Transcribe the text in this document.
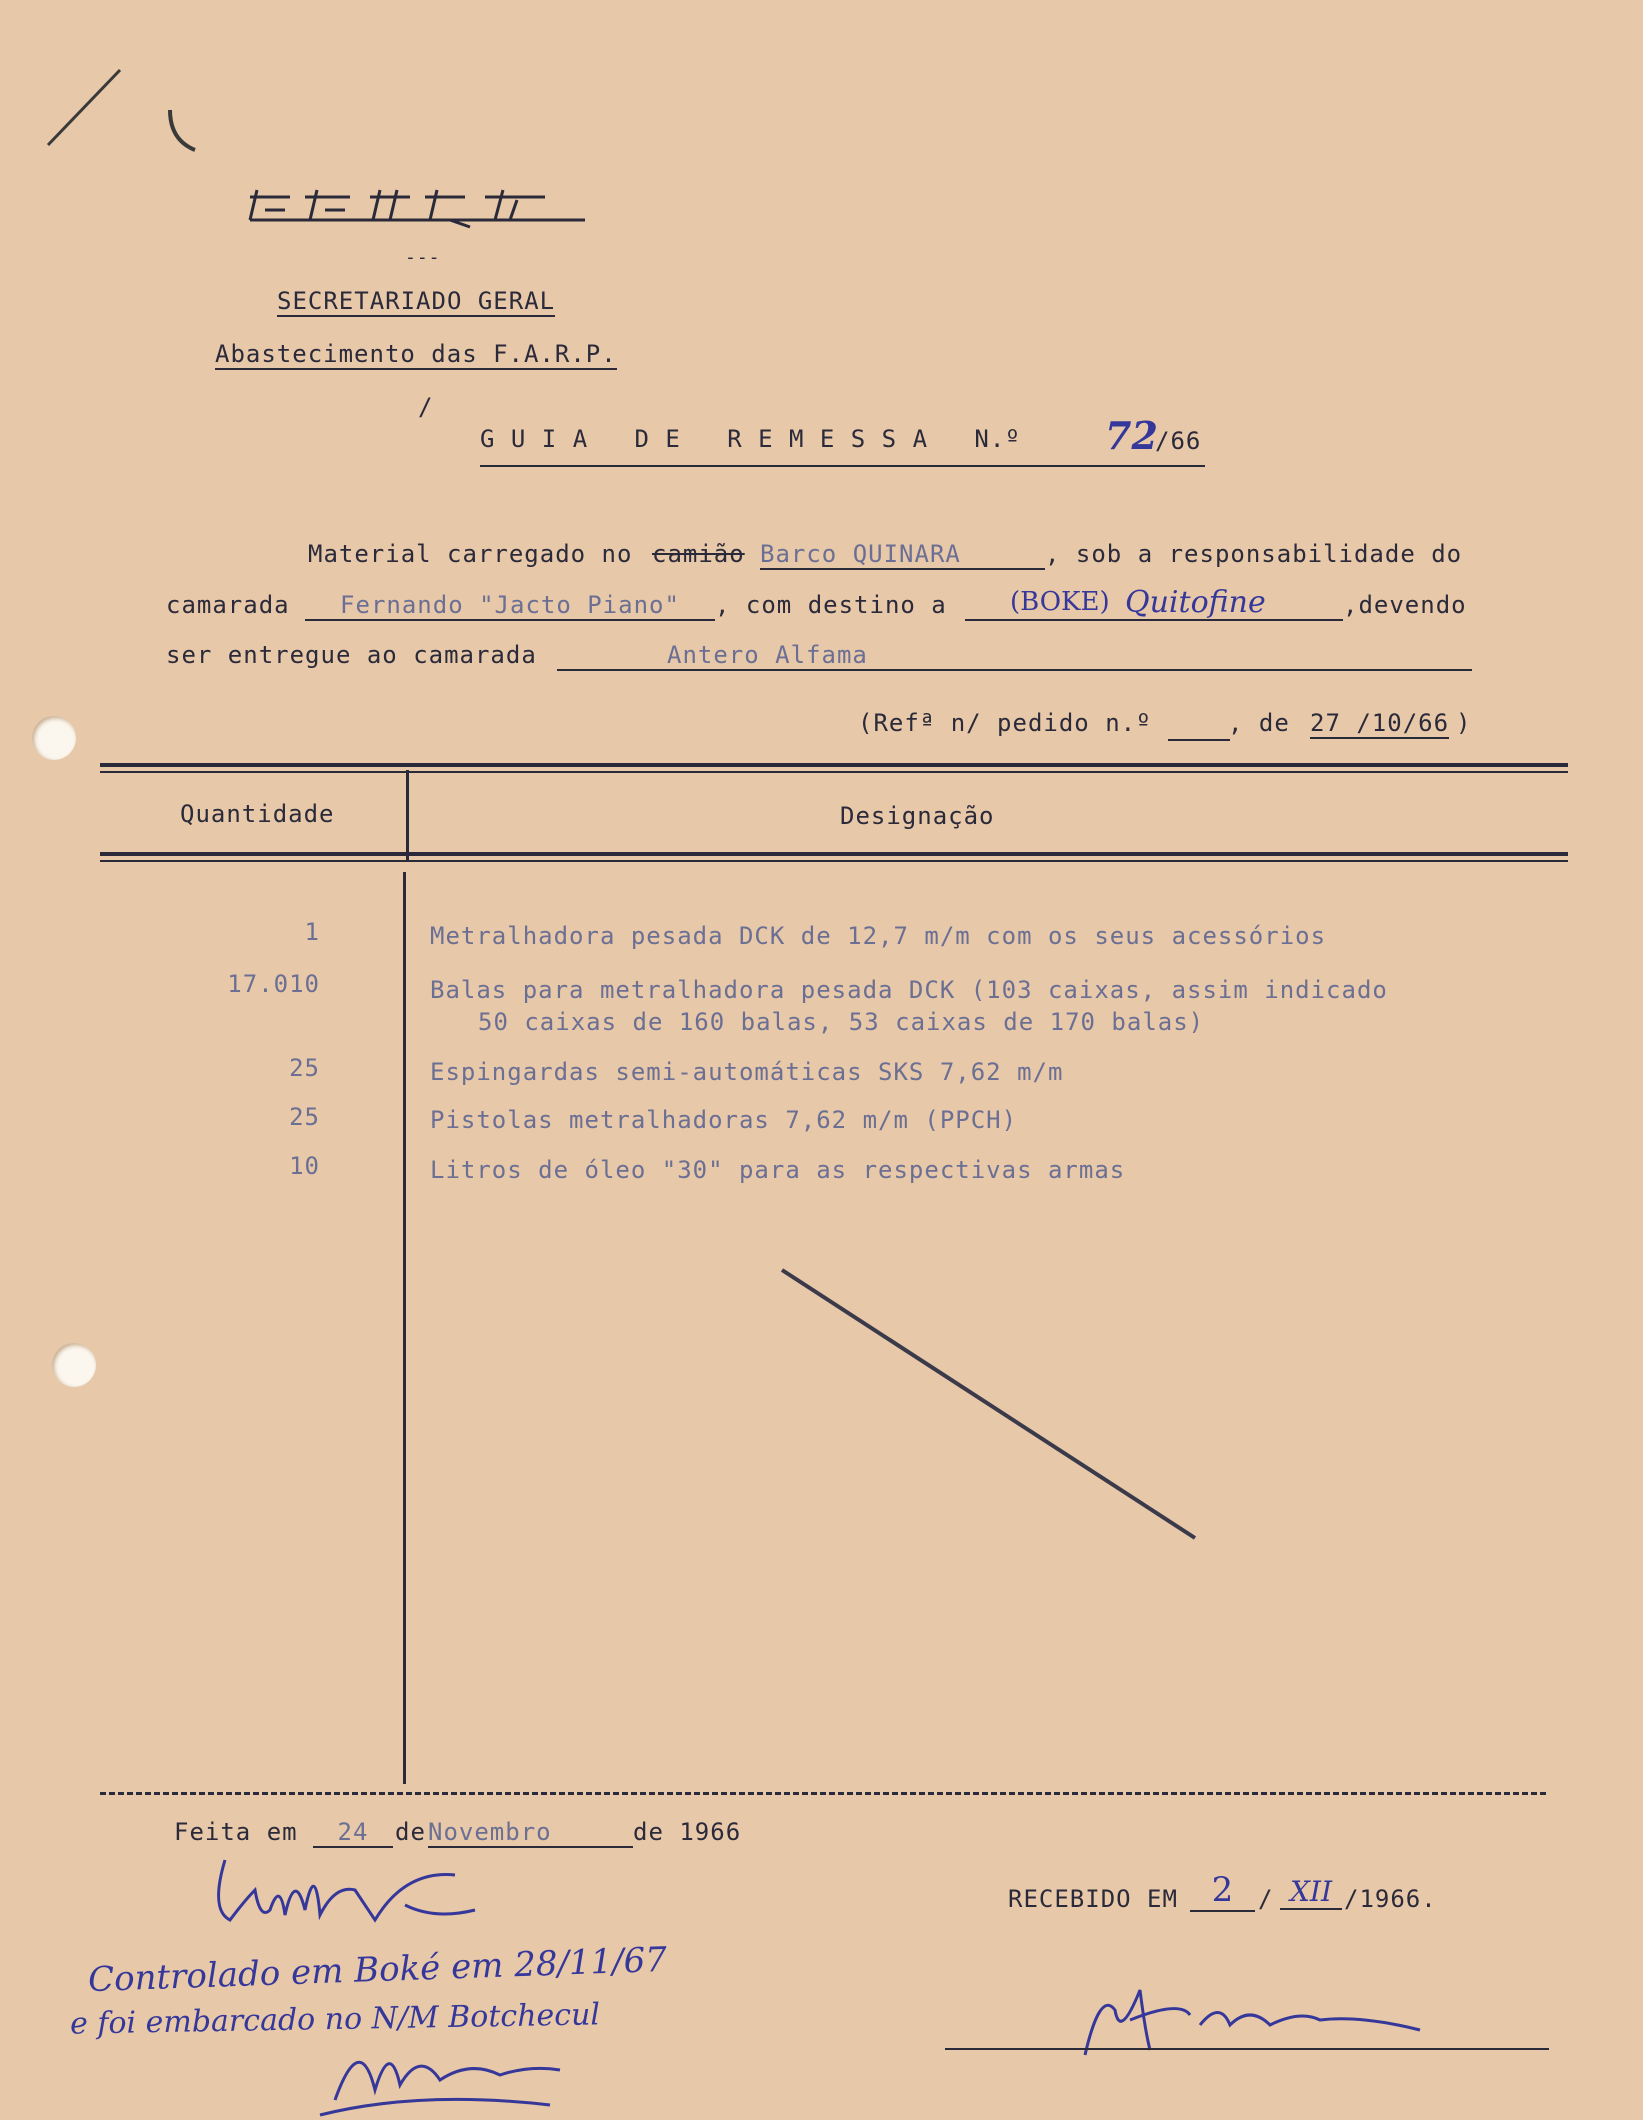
---
SECRETARIADO GERAL
Abastecimento das F.A.R.P.
/
G U I A   D E   R E M E S S A   N.º 72
/66
Material carregado no camião Barco QUINARA	, sob a responsabilidade do
camarada	Fernando "Jacto Piano"	, com destino a (BOKE) Quitofine	,devendo
ser entregue ao camarada	Antero Alfama
(Refª n/ pedido n.º	, de 27 /10/66 )
Quantidade	Designação
1	Metralhadora pesada DCK de 12,7 m/m com os seus acessórios
17.010	Balas para metralhadora pesada DCK (103 caixas, assim indicado
50 caixas de 160 balas, 53 caixas de 170 balas)
25	Espingardas semi-automáticas SKS 7,62 m/m
25	Pistolas metralhadoras 7,62 m/m (PPCH)
10	Litros de óleo "30" para as respectivas armas
Feita em	24	de Novembro	de 1966
RECEBIDO EM 2	/ XII /1966.
Controlado em Boké em 28/11/67
e foi embarcado no N/M Botchecul
